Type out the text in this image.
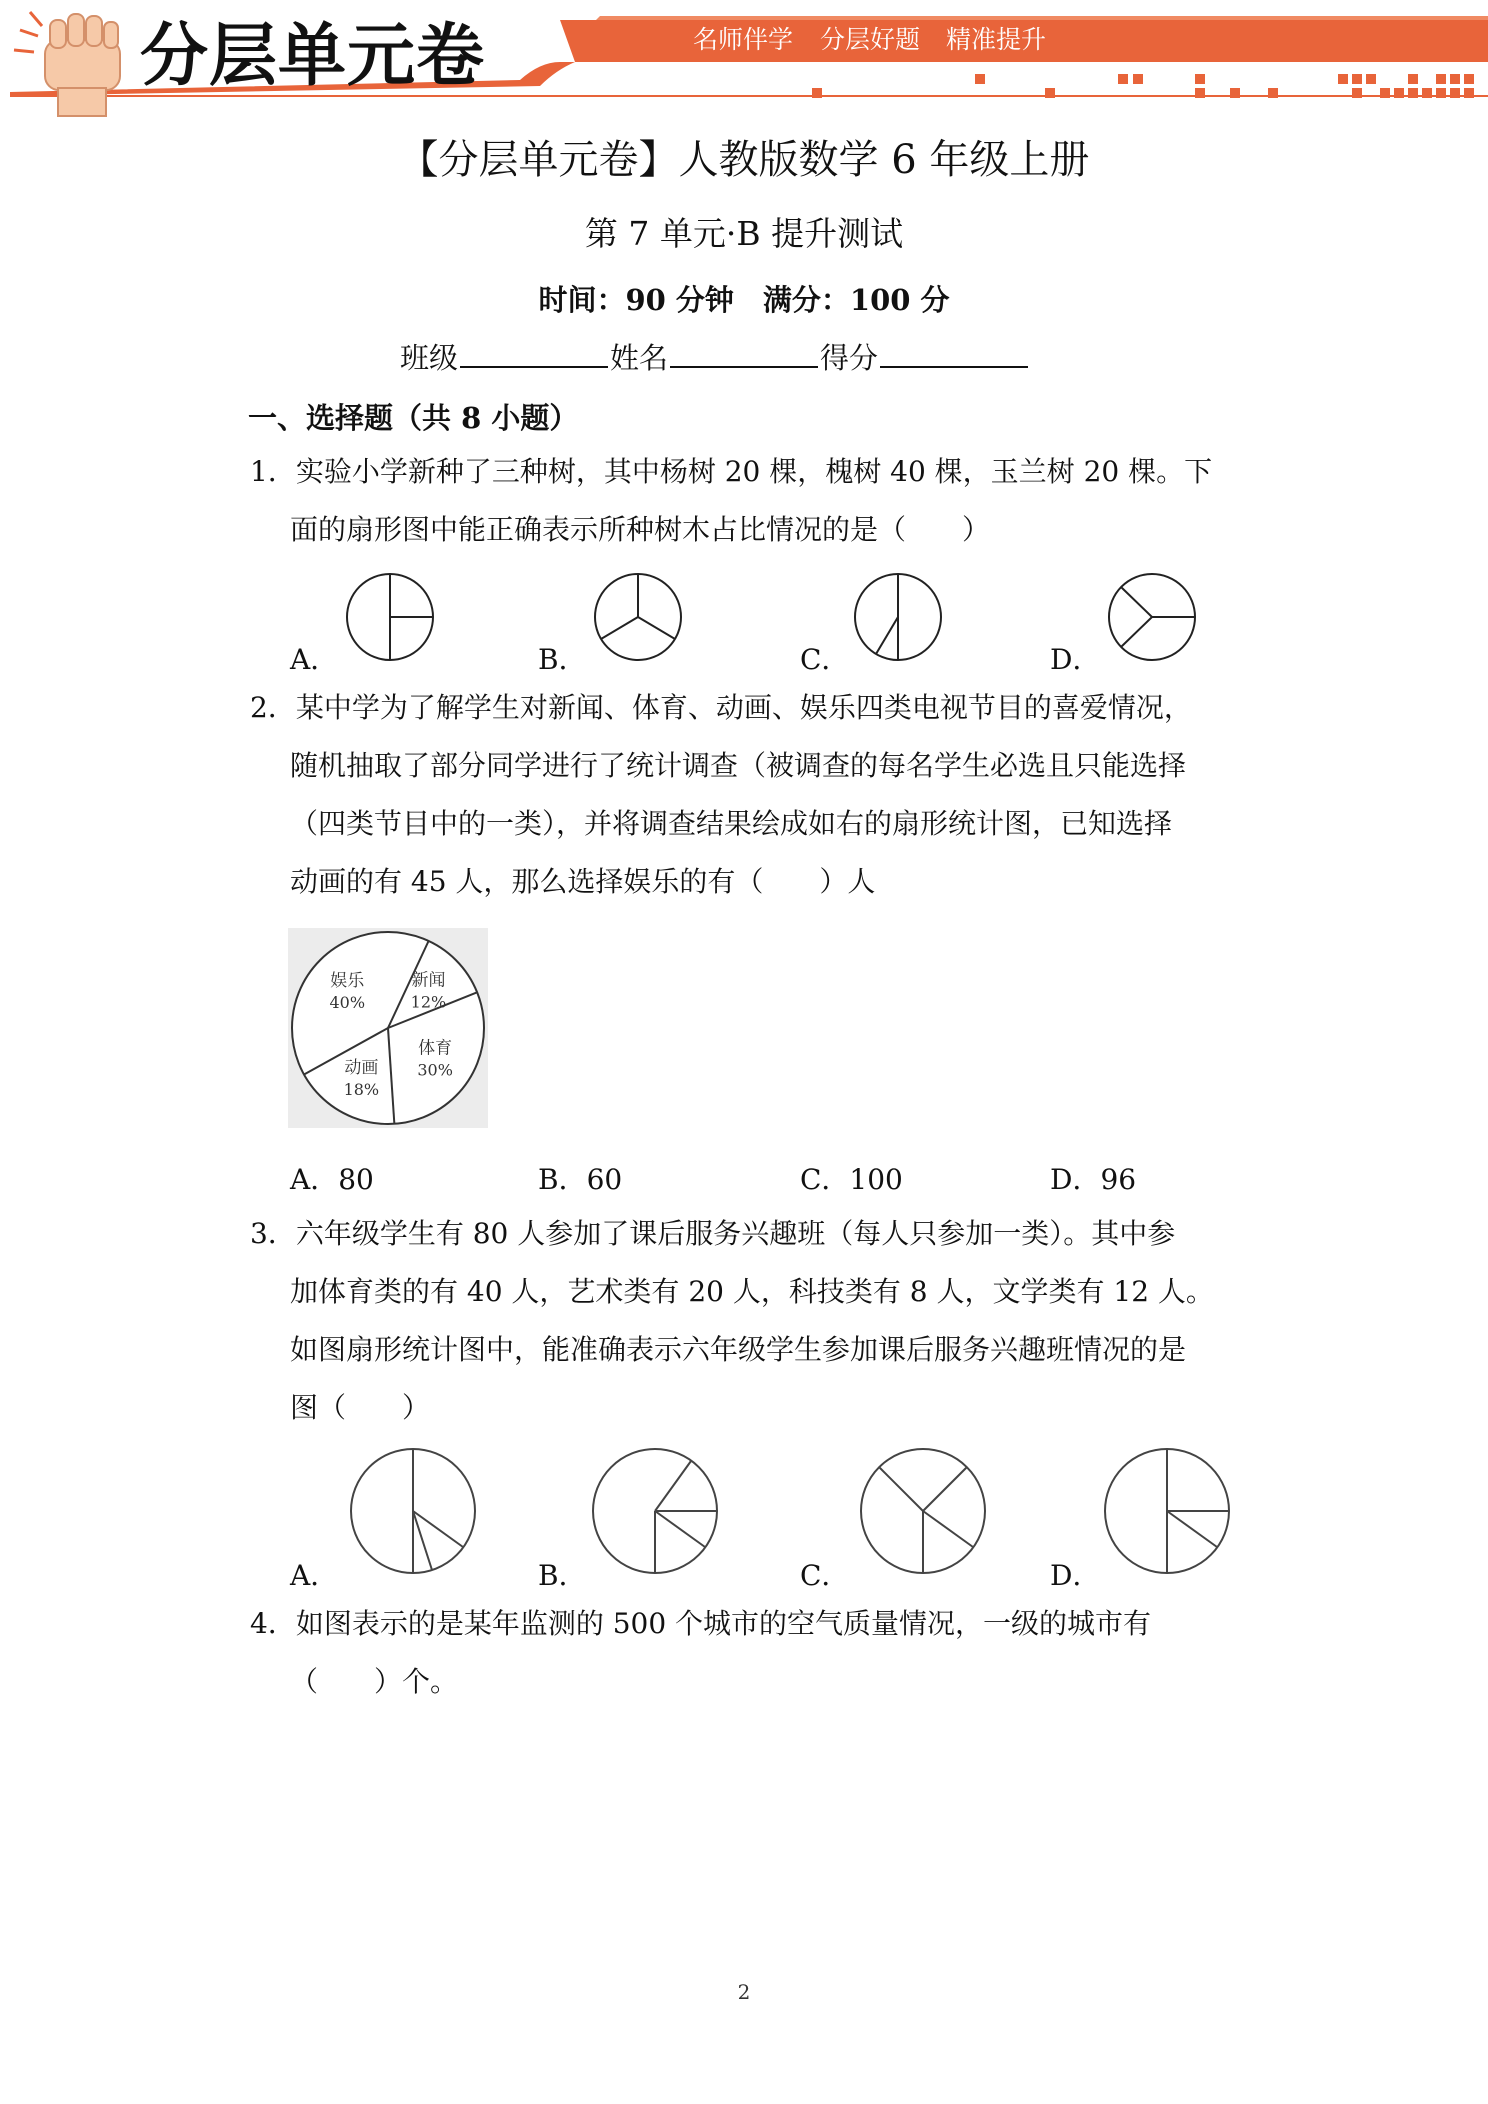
分层单元卷	名师伴学 分层好题 精准提升
【分层单元卷】人教版数学 6 年级上册
第 7 单元·B 提升测试
时间：90 分钟　满分：100 分
班级	姓名	得分
一、选择题（共 8 小题）
1．实验小学新种了三种树，其中杨树 20 棵，槐树 40 棵，玉兰树 20 棵。下
面的扇形图中能正确表示所种树木占比情况的是（　　）
A．	B．	C．	D．
2．某中学为了解学生对新闻、体育、动画、娱乐四类电视节目的喜爱情况，
随机抽取了部分同学进行了统计调查（被调查的每名学生必选且只能选择
（四类节目中的一类），并将调查结果绘成如右的扇形统计图，已知选择
动画的有 45 人，那么选择娱乐的有（　　）人
新闻
12%
体育
30%
动画
18%
娱乐
40%
A．80	B．60	C．100	D．96
3．六年级学生有 80 人参加了课后服务兴趣班（每人只参加一类）。其中参
加体育类的有 40 人，艺术类有 20 人，科技类有 8 人，文学类有 12 人。
如图扇形统计图中，能准确表示六年级学生参加课后服务兴趣班情况的是
图（　　）
A．	B．	C．	D．
4．如图表示的是某年监测的 500 个城市的空气质量情况，一级的城市有
（　　）个。
2
